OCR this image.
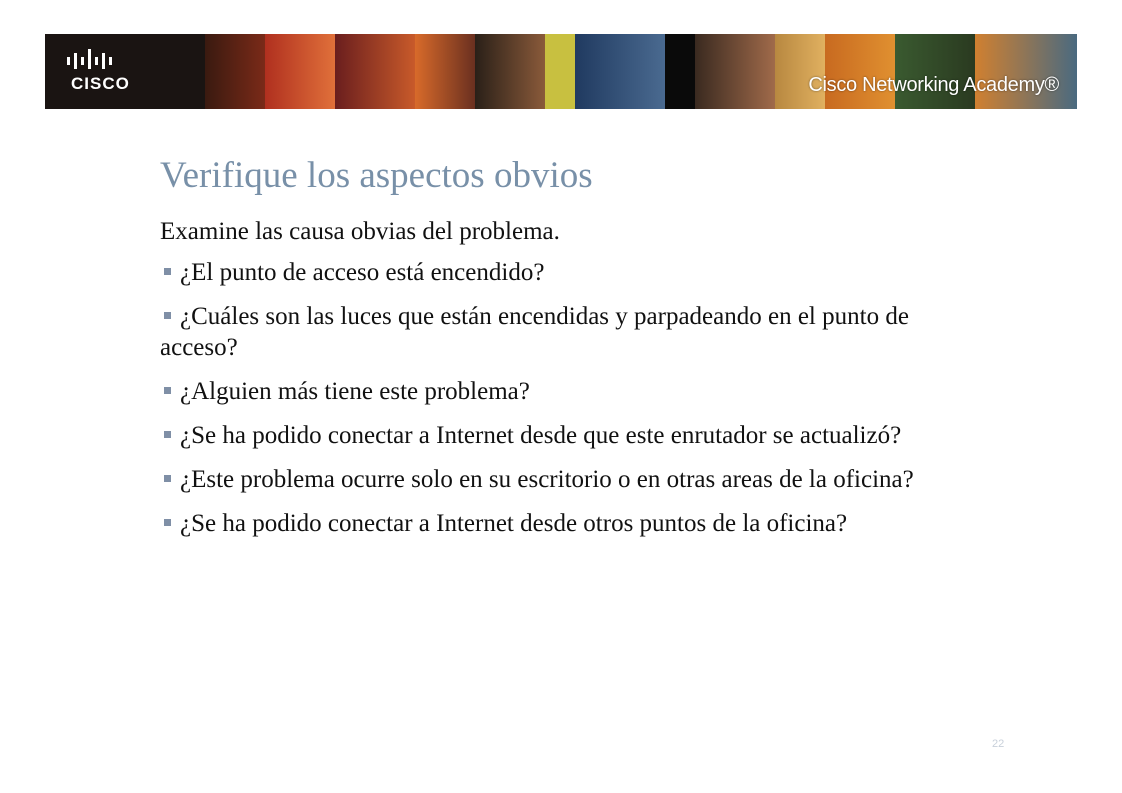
CISCO	Cisco Networking Academy®
Verifique los aspectos obvios

Examine las causa obvias del problema.

¿El punto de acceso está encendido?
¿Cuáles son las luces que están encendidas y parpadeando en el punto de acceso?
¿Alguien más tiene este problema?
¿Se ha podido conectar a Internet desde que este enrutador se actualizó?
¿Este problema ocurre solo en su escritorio o en otras areas de la oficina?
¿Se ha podido conectar a Internet desde otros puntos de la oficina?
22
